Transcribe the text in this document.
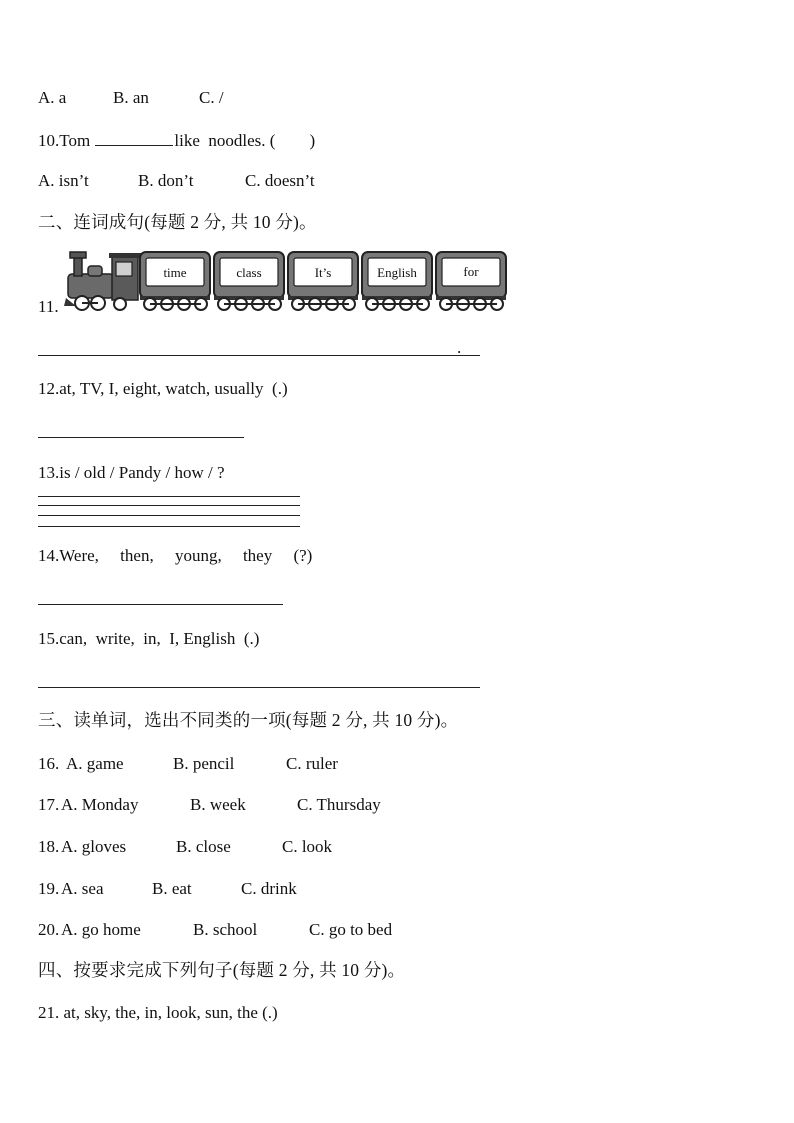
A. a	B. an	C. /
10.Tom	like  noodles. ( )
A. isn’t	B. don’t	C. doesn’t
二、连词成句(每题 2 分, 共 10 分)。
11.
time	class	It’s	English	for
.
12.at, TV, I, eight, watch, usually  (.)
13.is / old / Pandy / how / ?
14.Were,     then,     young,     they     (?)
15.can,  write,  in,  I, English  (.)
三、读单词，选出不同类的一项(每题 2 分, 共 10 分)。
16. A. game	B. pencil	C. ruler
17. A. Monday	B. week	C. Thursday
18. A. gloves	B. close	C. look
19. A. sea	B. eat	C. drink
20. A. go home	B. school	C. go to bed
四、按要求完成下列句子(每题 2 分, 共 10 分)。
21. at, sky, the, in, look, sun, the (.)
